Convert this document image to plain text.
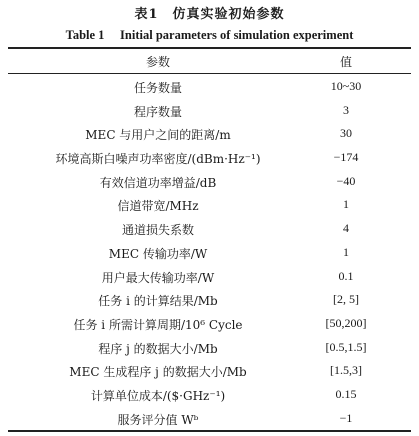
表1　仿真实验初始参数
Table 1　 Initial parameters of simulation experiment
参数	值
任务数量	10~30
程序数量	3
MEC 与用户之间的距离/m	30
环境高斯白噪声功率密度/(dBm·Hz⁻¹)	−174
有效信道功率增益/dB	−40
信道带宽/MHz	1
通道损失系数	4
MEC 传输功率/W	1
用户最大传输功率/W	0.1
任务 i 的计算结果/Mb	[2, 5]
任务 i 所需计算周期/10⁶ Cycle	[50,200]
程序 j 的数据大小/Mb	[0.5,1.5]
MEC 生成程序 j 的数据大小/Mb	[1.5,3]
计算单位成本/($·GHz⁻¹)	0.15
服务评分值 Wᵇ	−1
